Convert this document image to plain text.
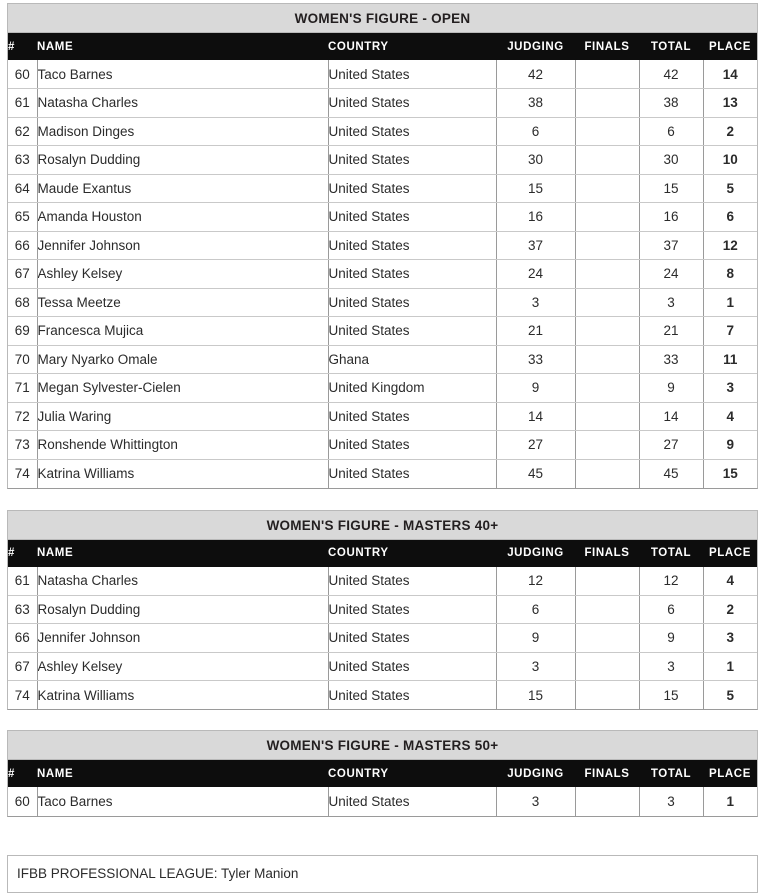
WOMEN'S FIGURE - OPEN
#	NAME	COUNTRY	JUDGING	FINALS	TOTAL	PLACE
60	Taco Barnes	United States	42		42	14
61	Natasha Charles	United States	38		38	13
62	Madison Dinges	United States	6		6	2
63	Rosalyn Dudding	United States	30		30	10
64	Maude Exantus	United States	15		15	5
65	Amanda Houston	United States	16		16	6
66	Jennifer Johnson	United States	37		37	12
67	Ashley Kelsey	United States	24		24	8
68	Tessa Meetze	United States	3		3	1
69	Francesca Mujica	United States	21		21	7
70	Mary Nyarko Omale	Ghana	33		33	11
71	Megan Sylvester-Cielen	United Kingdom	9		9	3
72	Julia Waring	United States	14		14	4
73	Ronshende Whittington	United States	27		27	9
74	Katrina Williams	United States	45		45	15
WOMEN'S FIGURE - MASTERS 40+
#	NAME	COUNTRY	JUDGING	FINALS	TOTAL	PLACE
61	Natasha Charles	United States	12		12	4
63	Rosalyn Dudding	United States	6		6	2
66	Jennifer Johnson	United States	9		9	3
67	Ashley Kelsey	United States	3		3	1
74	Katrina Williams	United States	15		15	5
WOMEN'S FIGURE - MASTERS 50+
#	NAME	COUNTRY	JUDGING	FINALS	TOTAL	PLACE
60	Taco Barnes	United States	3		3	1
IFBB PROFESSIONAL LEAGUE: Tyler Manion
